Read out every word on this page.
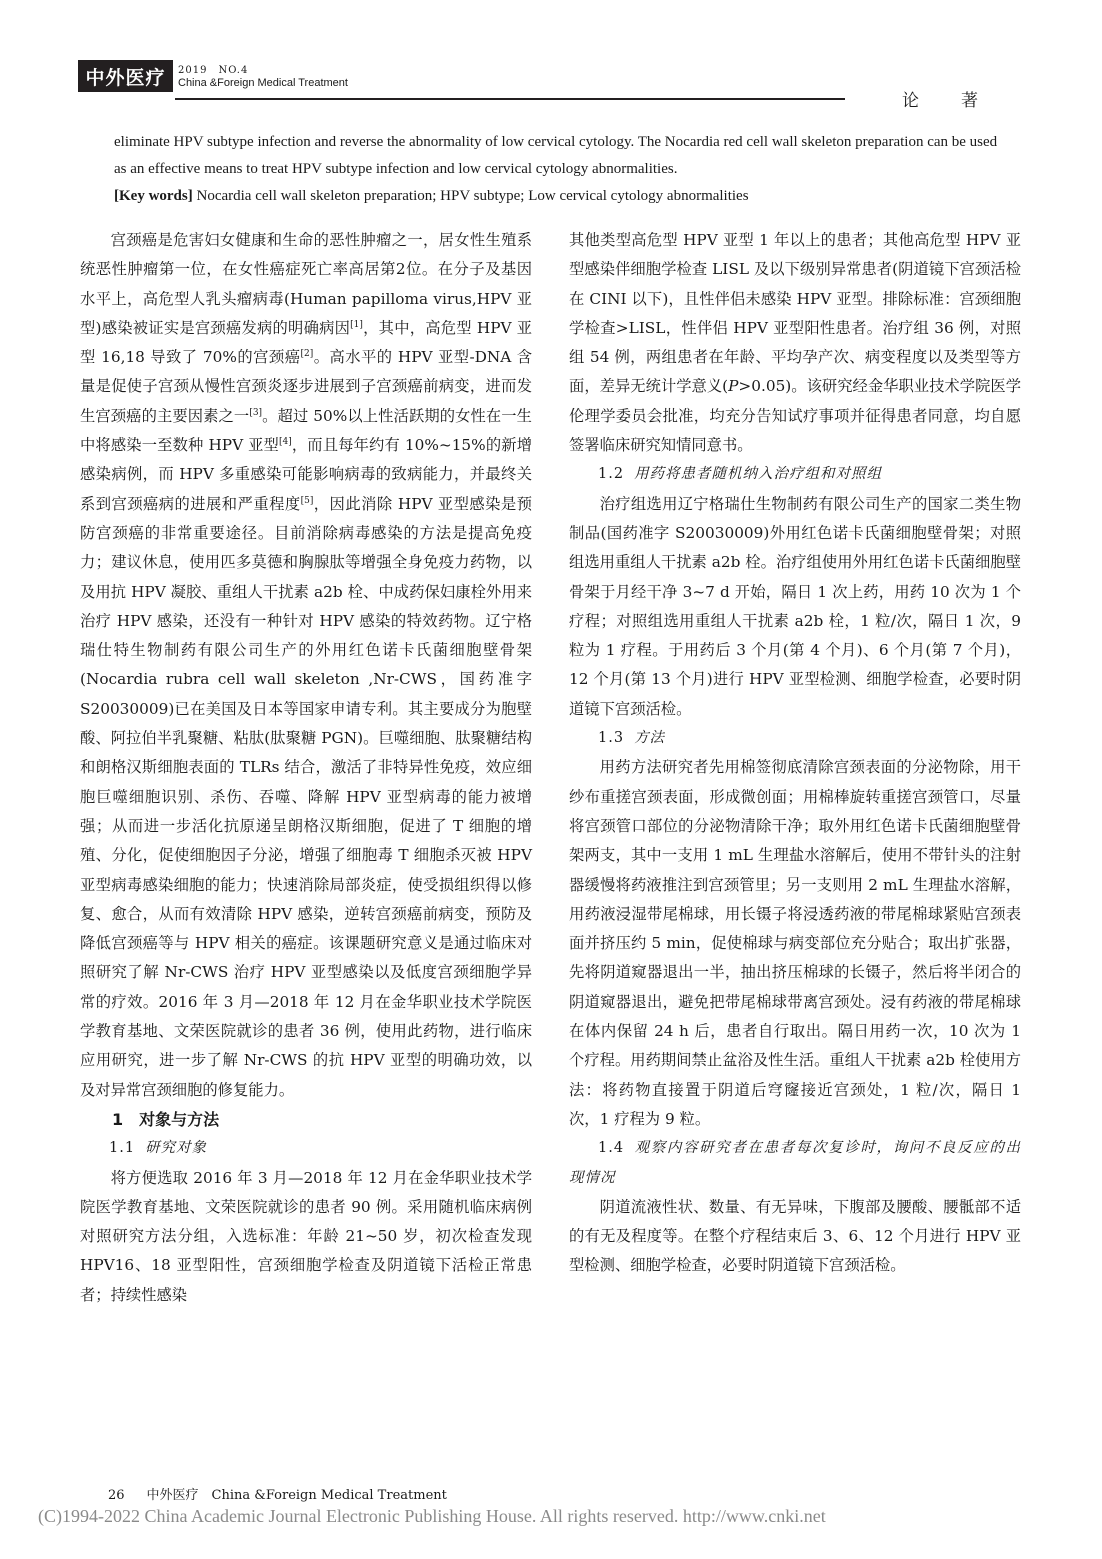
中外医疗	2019　NO.4
China &Foreign Medical Treatment
论著

eliminate HPV subtype infection and reverse the abnormality of low cervical cytology. The Nocardia red cell wall skeleton preparation can be used as an effective means to treat HPV subtype infection and low cervical cytology abnormalities.

[Key words] Nocardia cell wall skeleton preparation; HPV subtype; Low cervical cytology abnormalities

宫颈癌是危害妇女健康和生命的恶性肿瘤之一，居女性生殖系统恶性肿瘤第一位，在女性癌症死亡率高居第2位。在分子及基因水平上，高危型人乳头瘤病毒(Human papilloma virus,HPV 亚型)感染被证实是宫颈癌发病的明确病因[1]，其中，高危型 HPV 亚型 16,18 导致了 70%的宫颈癌[2]。高水平的 HPV 亚型-DNA 含量是促使子宫颈从慢性宫颈炎逐步进展到子宫颈癌前病变，进而发生宫颈癌的主要因素之一[3]。超过 50%以上性活跃期的女性在一生中将感染一至数种 HPV 亚型[4]，而且每年约有 10%~15%的新增感染病例，而 HPV 多重感染可能影响病毒的致病能力，并最终关系到宫颈癌病的进展和严重程度[5]，因此消除 HPV 亚型感染是预防宫颈癌的非常重要途径。目前消除病毒感染的方法是提高免疫力；建议休息，使用匹多莫德和胸腺肽等增强全身免疫力药物，以及用抗 HPV 凝胶、重组人干扰素 a2b 栓、中成药保妇康栓外用来治疗 HPV 感染，还没有一种针对 HPV 感染的特效药物。辽宁格瑞仕特生物制药有限公司生产的外用红色诺卡氏菌细胞壁骨架(Nocardia rubra cell wall skeleton ,Nr-CWS，国药准字 S20030009)已在美国及日本等国家申请专利。其主要成分为胞壁酸、阿拉伯半乳聚糖、粘肽(肽聚糖 PGN)。巨噬细胞、肽聚糖结构和朗格汉斯细胞表面的 TLRs 结合，激活了非特异性免疫，效应细胞巨噬细胞识别、杀伤、吞噬、降解 HPV 亚型病毒的能力被增强；从而进一步活化抗原递呈朗格汉斯细胞，促进了 T 细胞的增殖、分化，促使细胞因子分泌，增强了细胞毒 T 细胞杀灭被 HPV 亚型病毒感染细胞的能力；快速消除局部炎症，使受损组织得以修复、愈合，从而有效清除 HPV 感染，逆转宫颈癌前病变，预防及降低宫颈癌等与 HPV 相关的癌症。该课题研究意义是通过临床对照研究了解 Nr-CWS 治疗 HPV 亚型感染以及低度宫颈细胞学异常的疗效。2016 年 3 月—2018 年 12 月在金华职业技术学院医学教育基地、文荣医院就诊的患者 36 例，使用此药物，进行临床应用研究，进一步了解 Nr-CWS 的抗 HPV 亚型的明确功效，以及对异常宫颈细胞的修复能力。

1　对象与方法

1.1 研究对象

将方便选取 2016 年 3 月—2018 年 12 月在金华职业技术学院医学教育基地、文荣医院就诊的患者 90 例。采用随机临床病例对照研究方法分组，入选标准：年龄 21~50 岁，初次检查发现 HPV16、18 亚型阳性，宫颈细胞学检查及阴道镜下活检正常患者；持续性感染

其他类型高危型 HPV 亚型 1 年以上的患者；其他高危型 HPV 亚型感染伴细胞学检查 LISL 及以下级别异常患者(阴道镜下宫颈活检在 CINI 以下)，且性伴侣未感染 HPV 亚型。排除标准：宫颈细胞学检查>LISL，性伴侣 HPV 亚型阳性患者。治疗组 36 例，对照组 54 例，两组患者在年龄、平均孕产次、病变程度以及类型等方面，差异无统计学意义(P>0.05)。该研究经金华职业技术学院医学伦理学委员会批准，均充分告知试疗事项并征得患者同意，均自愿签署临床研究知情同意书。

1.2 用药将患者随机纳入治疗组和对照组

治疗组选用辽宁格瑞仕生物制药有限公司生产的国家二类生物制品(国药准字 S20030009)外用红色诺卡氏菌细胞壁骨架；对照组选用重组人干扰素 a2b 栓。治疗组使用外用红色诺卡氏菌细胞壁骨架于月经干净 3~7 d 开始，隔日 1 次上药，用药 10 次为 1 个疗程；对照组选用重组人干扰素 a2b 栓，1 粒/次，隔日 1 次，9 粒为 1 疗程。于用药后 3 个月(第 4 个月)、6 个月(第 7 个月)，12 个月(第 13 个月)进行 HPV 亚型检测、细胞学检查，必要时阴道镜下宫颈活检。

1.3 方法

用药方法研究者先用棉签彻底清除宫颈表面的分泌物除，用干纱布重搓宫颈表面，形成微创面；用棉棒旋转重搓宫颈管口，尽量将宫颈管口部位的分泌物清除干净；取外用红色诺卡氏菌细胞壁骨架两支，其中一支用 1 mL 生理盐水溶解后，使用不带针头的注射器缓慢将药液推注到宫颈管里；另一支则用 2 mL 生理盐水溶解，用药液浸湿带尾棉球，用长镊子将浸透药液的带尾棉球紧贴宫颈表面并挤压约 5 min，促使棉球与病变部位充分贴合；取出扩张器，先将阴道窥器退出一半，抽出挤压棉球的长镊子，然后将半闭合的阴道窥器退出，避免把带尾棉球带离宫颈处。浸有药液的带尾棉球在体内保留 24 h 后，患者自行取出。隔日用药一次，10 次为 1 个疗程。用药期间禁止盆浴及性生活。重组人干扰素 a2b 栓使用方法：将药物直接置于阴道后穹窿接近宫颈处，1 粒/次，隔日 1 次，1 疗程为 9 粒。

1.4 观察内容研究者在患者每次复诊时，询问不良反应的出现情况

阴道流液性状、数量、有无异味，下腹部及腰酸、腰骶部不适的有无及程度等。在整个疗程结束后 3、6、12 个月进行 HPV 亚型检测、细胞学检查，必要时阴道镜下宫颈活检。

26 中外医疗　China &Foreign Medical Treatment
(C)1994-2022 China Academic Journal Electronic Publishing House. All rights reserved. http://www.cnki.net
